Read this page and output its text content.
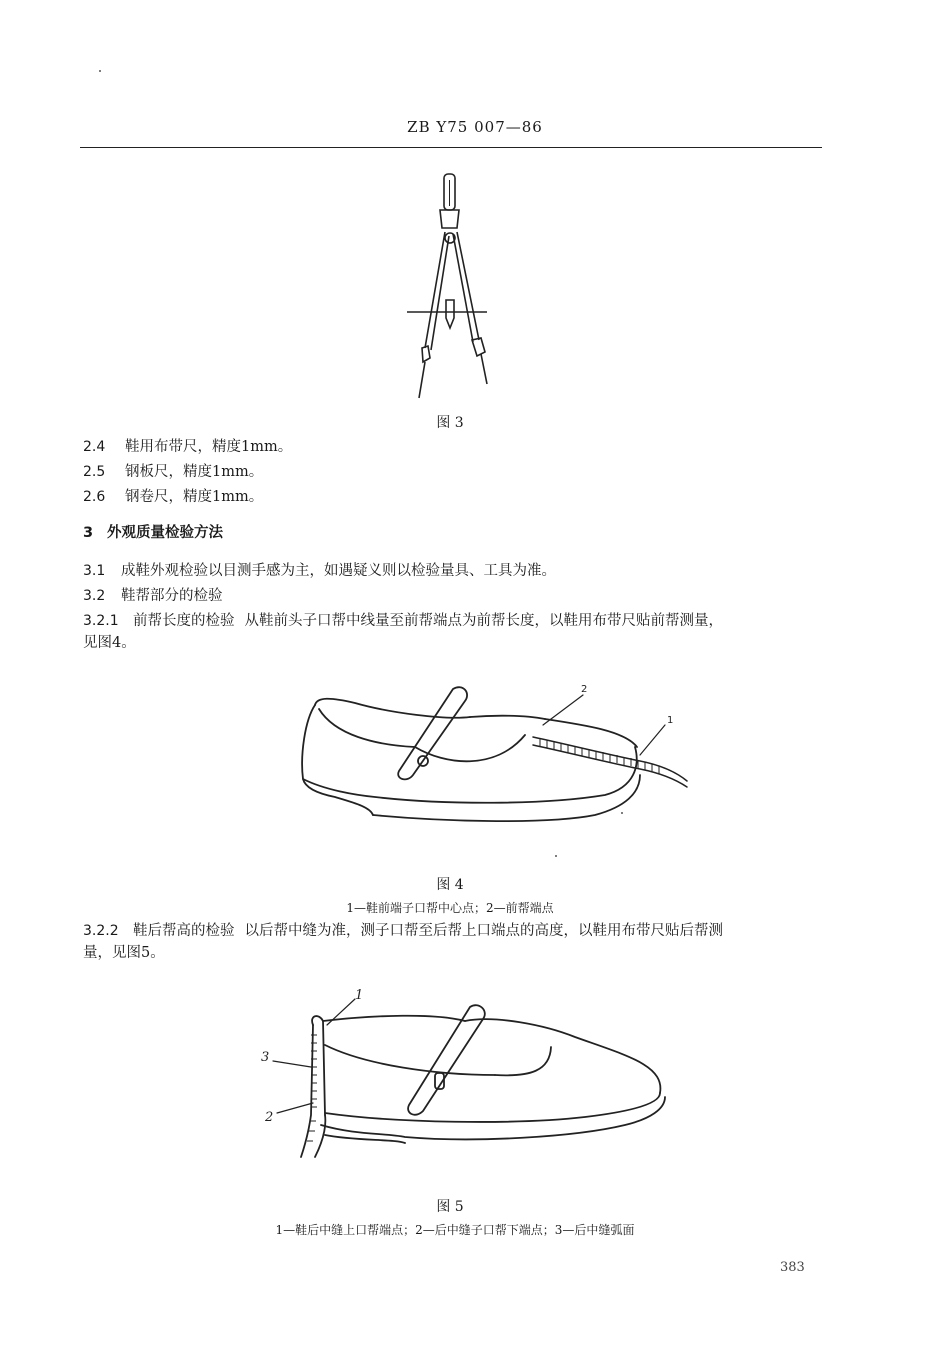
ZB Y75 007—86
图 3
2.4 鞋用布带尺，精度1mm。
2.5 钢板尺，精度1mm。
2.6 钢卷尺，精度1mm。
3 外观质量检验方法
3.1 成鞋外观检验以目测手感为主，如遇疑义则以检验量具、工具为准。
3.2 鞋帮部分的检验
3.2.1 前帮长度的检验 从鞋前头子口帮中线量至前帮端点为前帮长度，以鞋用布带尺贴前帮测量，
见图4。
2
1
图 4
1—鞋前端子口帮中心点；2—前帮端点
3.2.2 鞋后帮高的检验 以后帮中缝为准，测子口帮至后帮上口端点的高度，以鞋用布带尺贴后帮测
量，见图5。
1
3
2
图 5
1—鞋后中缝上口帮端点；2—后中缝子口帮下端点；3—后中缝弧面
383
